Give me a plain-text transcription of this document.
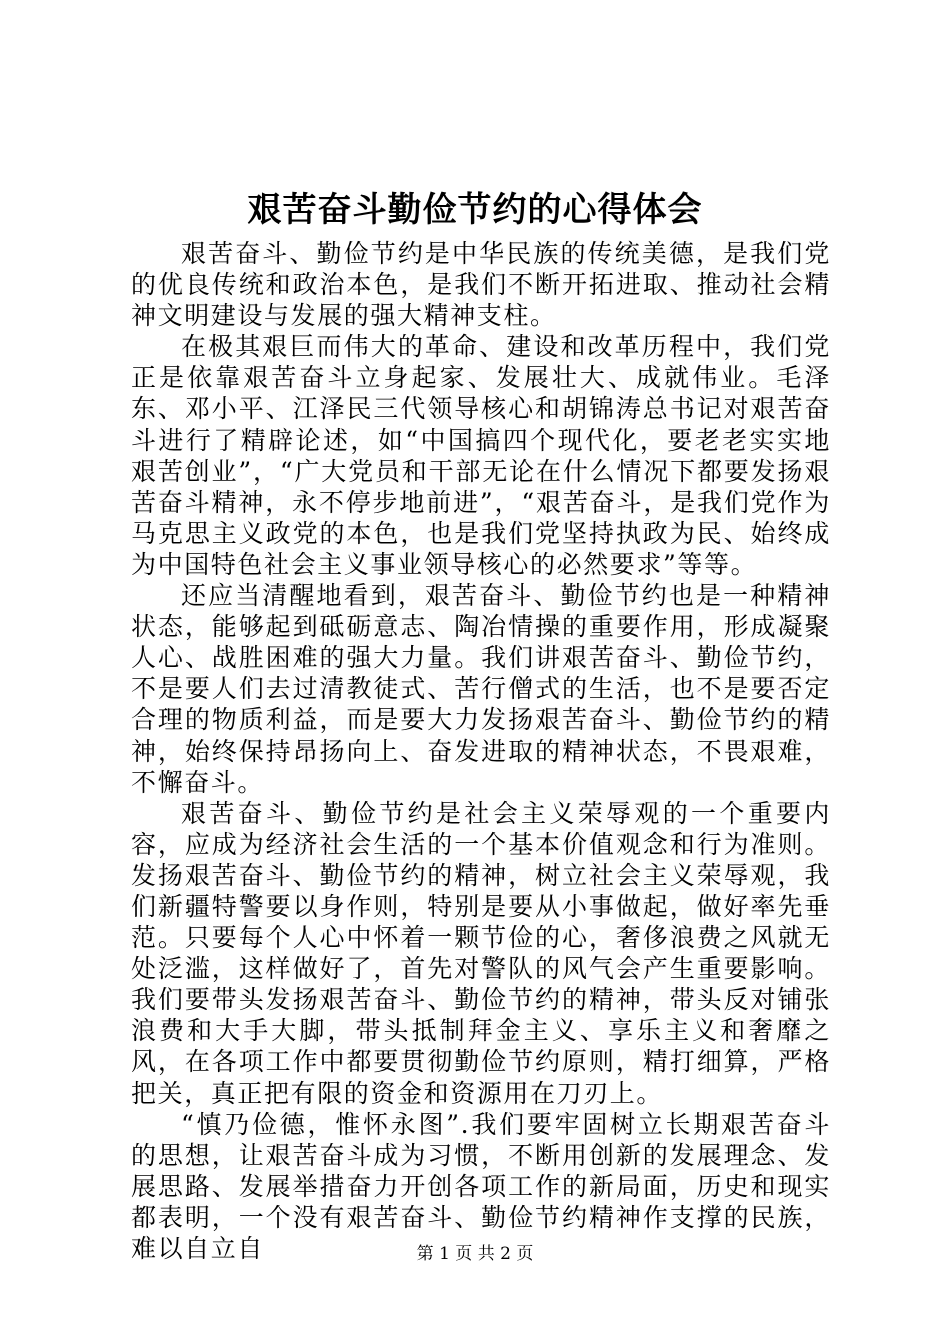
艰苦奋斗勤俭节约的心得体会

艰苦奋斗、勤俭节约是中华民族的传统美德，是我们党的优良传统和政治本色，是我们不断开拓进取、推动社会精神文明建设与发展的强大精神支柱。

在极其艰巨而伟大的革命、建设和改革历程中，我们党正是依靠艰苦奋斗立身起家、发展壮大、成就伟业。毛泽东、邓小平、江泽民三代领导核心和胡锦涛总书记对艰苦奋斗进行了精辟论述，如“中国搞四个现代化，要老老实实地艰苦创业”，“广大党员和干部无论在什么情况下都要发扬艰苦奋斗精神，永不停步地前进”，“艰苦奋斗，是我们党作为马克思主义政党的本色，也是我们党坚持执政为民、始终成为中国特色社会主义事业领导核心的必然要求”等等。

还应当清醒地看到，艰苦奋斗、勤俭节约也是一种精神状态，能够起到砥砺意志、陶冶情操的重要作用，形成凝聚人心、战胜困难的强大力量。我们讲艰苦奋斗、勤俭节约，不是要人们去过清教徒式、苦行僧式的生活，也不是要否定合理的物质利益，而是要大力发扬艰苦奋斗、勤俭节约的精神，始终保持昂扬向上、奋发进取的精神状态，不畏艰难，不懈奋斗。

艰苦奋斗、勤俭节约是社会主义荣辱观的一个重要内容，应成为经济社会生活的一个基本价值观念和行为准则。发扬艰苦奋斗、勤俭节约的精神，树立社会主义荣辱观，我们新疆特警要以身作则，特别是要从小事做起，做好率先垂范。只要每个人心中怀着一颗节俭的心，奢侈浪费之风就无处泛滥，这样做好了，首先对警队的风气会产生重要影响。我们要带头发扬艰苦奋斗、勤俭节约的精神，带头反对铺张浪费和大手大脚，带头抵制拜金主义、享乐主义和奢靡之风，在各项工作中都要贯彻勤俭节约原则，精打细算，严格把关，真正把有限的资金和资源用在刀刃上。

“慎乃俭德，惟怀永图”.我们要牢固树立长期艰苦奋斗的思想，让艰苦奋斗成为习惯，不断用创新的发展理念、发展思路、发展举措奋力开创各项工作的新局面，历史和现实都表明，一个没有艰苦奋斗、勤俭节约精神作支撑的民族，难以自立自	第 1 页 共 2 页
